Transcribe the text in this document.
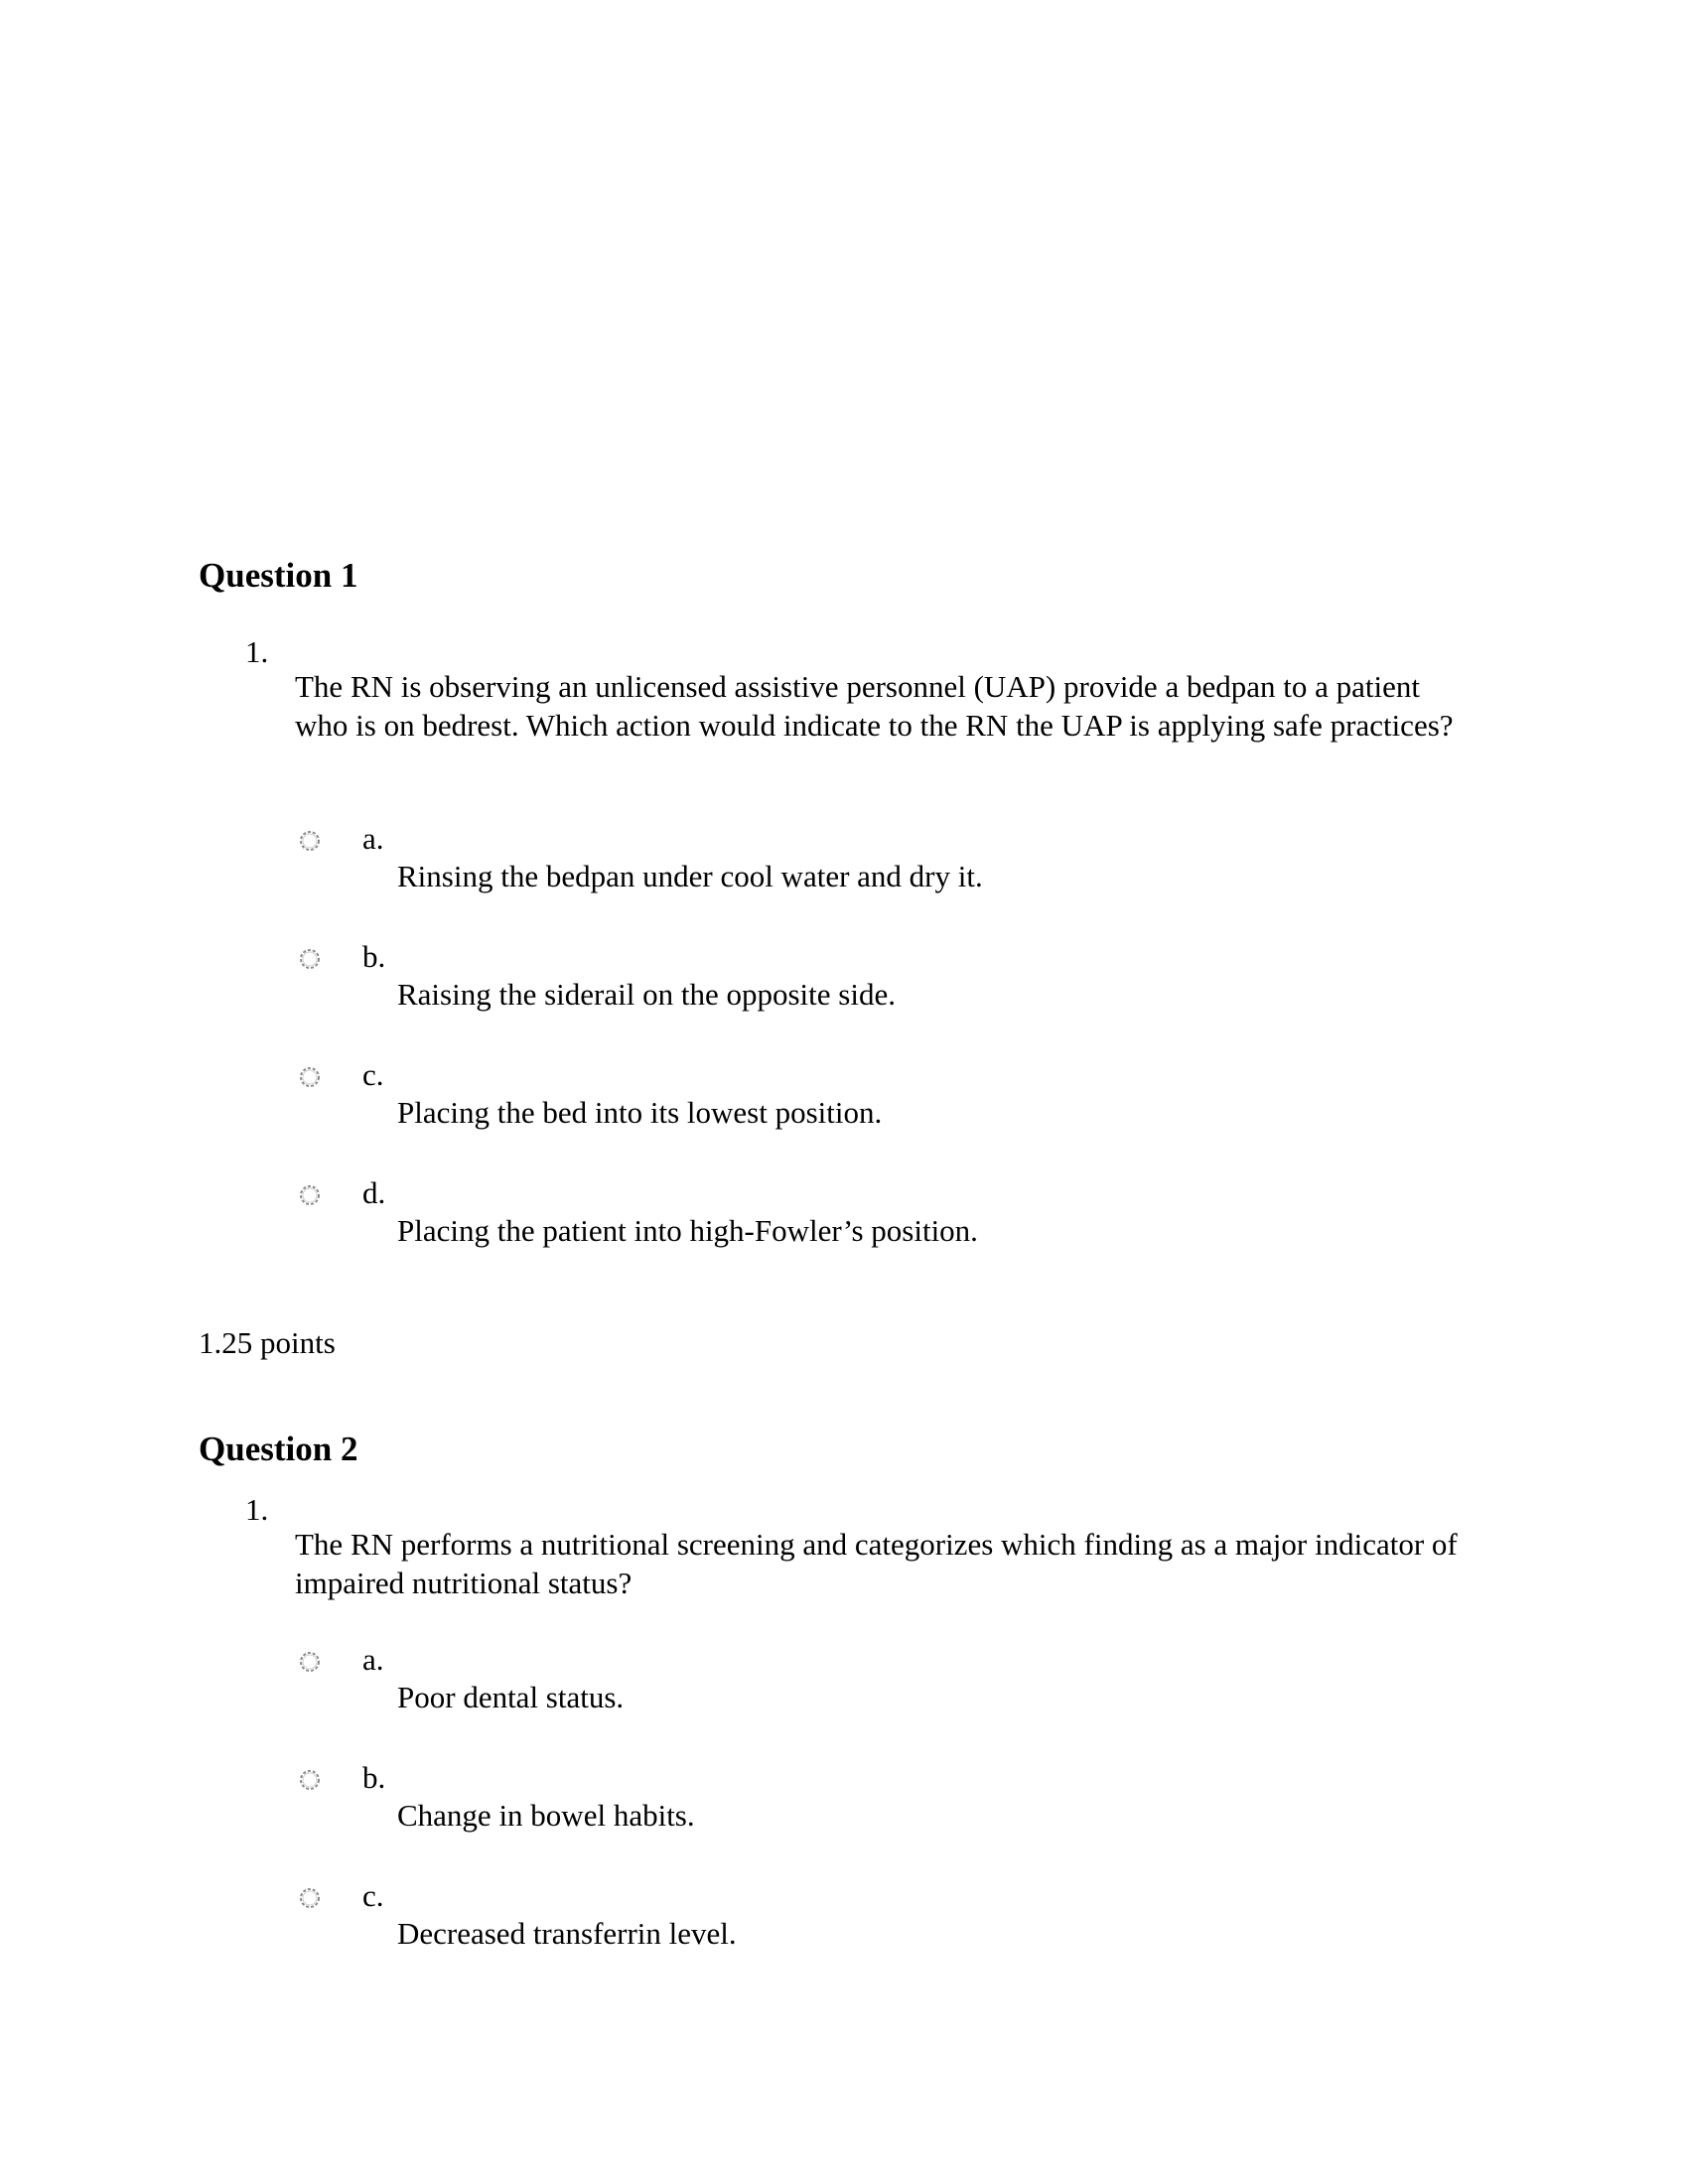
Question 1
1.
The RN is observing an unlicensed assistive personnel (UAP) provide a bedpan to a patient who is on bedrest. Which action would indicate to the RN the UAP is applying safe practices?
a.
Rinsing the bedpan under cool water and dry it.
b.
Raising the siderail on the opposite side.
c.
Placing the bed into its lowest position.
d.
Placing the patient into high-Fowler’s position.
1.25 points
Question 2
1.
The RN performs a nutritional screening and categorizes which finding as a major indicator of impaired nutritional status?
a.
Poor dental status.
b.
Change in bowel habits.
c.
Decreased transferrin level.
